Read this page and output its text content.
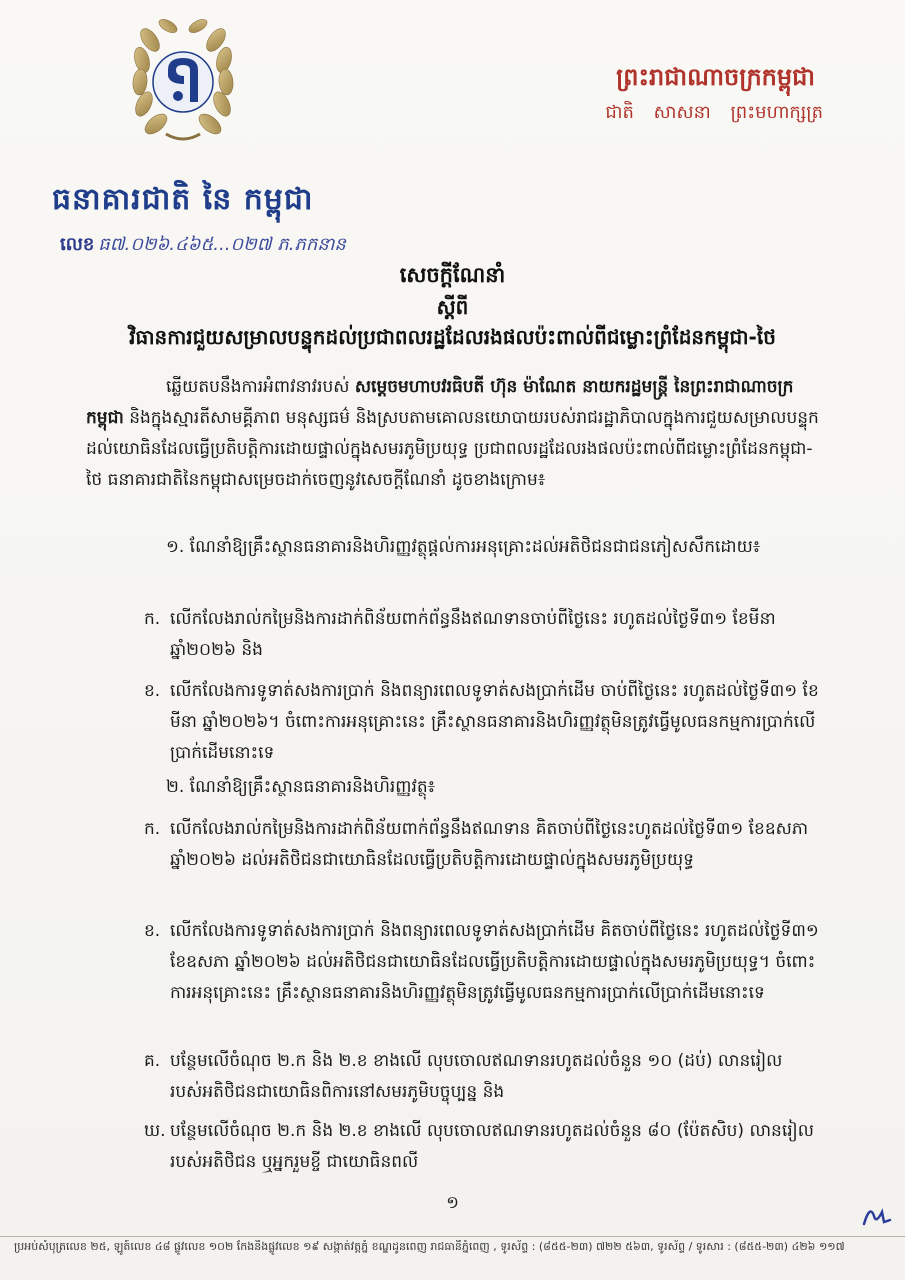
ធនាគារជាតិ នៃ កម្ពុជា
លេខ ធ៧.០២៦.៤៦៥...០២៧ ភ.ភកនាន
ព្រះរាជាណាចក្រកម្ពុជា
ជាតិ សាសនា ព្រះមហាក្សត្រ
សេចក្តីណែនាំ
ស្តីពី
វិធានការជួយសម្រាលបន្ទុកដល់ប្រជាពលរដ្ឋដែលរងផលប៉ះពាល់ពីជម្លោះព្រំដែនកម្ពុជា-ថៃ
ឆ្លើយតបនឹងការអំពាវនាវរបស់ សម្តេចមហាបវរធិបតី ហ៊ុន ម៉ាណែត នាយករដ្ឋមន្ត្រី នៃព្រះរាជាណាចក្រកម្ពុជា និងក្នុងស្មារតីសាមគ្គីភាព មនុស្សធម៌ និងស្របតាមគោលនយោបាយរបស់រាជរដ្ឋាភិបាលក្នុងការជួយសម្រាលបន្ទុកដល់យោធិនដែលធ្វើប្រតិបត្តិការដោយផ្ទាល់ក្នុងសមរភូមិប្រយុទ្ធ ប្រជាពលរដ្ឋដែលរងផលប៉ះពាល់ពីជម្លោះព្រំដែនកម្ពុជា-ថៃ ធនាគារជាតិនៃកម្ពុជាសម្រេចដាក់ចេញនូវសេចក្តីណែនាំ ដូចខាងក្រោម៖
១. ណែនាំឱ្យគ្រឹះស្ថានធនាគារនិងហិរញ្ញវត្ថុផ្តល់ការអនុគ្រោះដល់អតិថិជនជាជនភៀសសឹកដោយ៖
ក. លើកលែងរាល់កម្រៃនិងការដាក់ពិន័យពាក់ព័ន្ធនឹងឥណទានចាប់ពីថ្ងៃនេះ រហូតដល់ថ្ងៃទី៣១ ខែមីនា ឆ្នាំ២០២៦ និង
ខ. លើកលែងការទូទាត់សងការប្រាក់ និងពន្យារពេលទូទាត់សងប្រាក់ដើម ចាប់ពីថ្ងៃនេះ រហូតដល់ថ្ងៃទី៣១ ខែមីនា ឆ្នាំ២០២៦។ ចំពោះការអនុគ្រោះនេះ គ្រឹះស្ថានធនាគារនិងហិរញ្ញវត្ថុមិនត្រូវធ្វើមូលធនកម្មការប្រាក់លើប្រាក់ដើមនោះទេ
២. ណែនាំឱ្យគ្រឹះស្ថានធនាគារនិងហិរញ្ញវត្ថុ៖
ក. លើកលែងរាល់កម្រៃនិងការដាក់ពិន័យពាក់ព័ន្ធនឹងឥណទាន គិតចាប់ពីថ្ងៃនេះហូតដល់ថ្ងៃទី៣១ ខែឧសភា ឆ្នាំ២០២៦ ដល់អតិថិជនជាយោធិនដែលធ្វើប្រតិបត្តិការដោយផ្ទាល់ក្នុងសមរភូមិប្រយុទ្ធ
ខ. លើកលែងការទូទាត់សងការប្រាក់ និងពន្យារពេលទូទាត់សងប្រាក់ដើម គិតចាប់ពីថ្ងៃនេះ រហូតដល់ថ្ងៃទី៣១ ខែឧសភា ឆ្នាំ២០២៦ ដល់អតិថិជនជាយោធិនដែលធ្វើប្រតិបត្តិការដោយផ្ទាល់ក្នុងសមរភូមិប្រយុទ្ធ។ ចំពោះការអនុគ្រោះនេះ គ្រឹះស្ថានធនាគារនិងហិរញ្ញវត្ថុមិនត្រូវធ្វើមូលធនកម្មការប្រាក់លើប្រាក់ដើមនោះទេ
គ. បន្ថែមលើចំណុច ២.ក និង ២.ខ ខាងលើ លុបចោលឥណទានរហូតដល់ចំនួន ១០ (ដប់) លានរៀល របស់អតិថិជនជាយោធិនពិការនៅសមរភូមិបច្ចុប្បន្ន និង
ឃ. បន្ថែមលើចំណុច ២.ក និង ២.ខ ខាងលើ លុបចោលឥណទានរហូតដល់ចំនួន ៨០ (ប៉ែតសិប) លានរៀល របស់អតិថិជន ឬអ្នករួមខ្ចី ជាយោធិនពលី
១
ប្រអប់សំបុត្រលេខ ២៥, ឡូត៍លេខ ៤៨ ផ្លូវលេខ ១០២ កែងនឹងផ្លូវលេខ ១៩ សង្កាត់វត្តភ្នំ ខណ្ឌដូនពេញ រាជធានីភ្នំពេញ , ទូរស័ព្ទ : (៨៥៥-២៣) ៧២២ ៥៦៣, ទូរស័ព្ទ / ទូរសារ : (៨៥៥-២៣) ៤២៦ ១១៧
